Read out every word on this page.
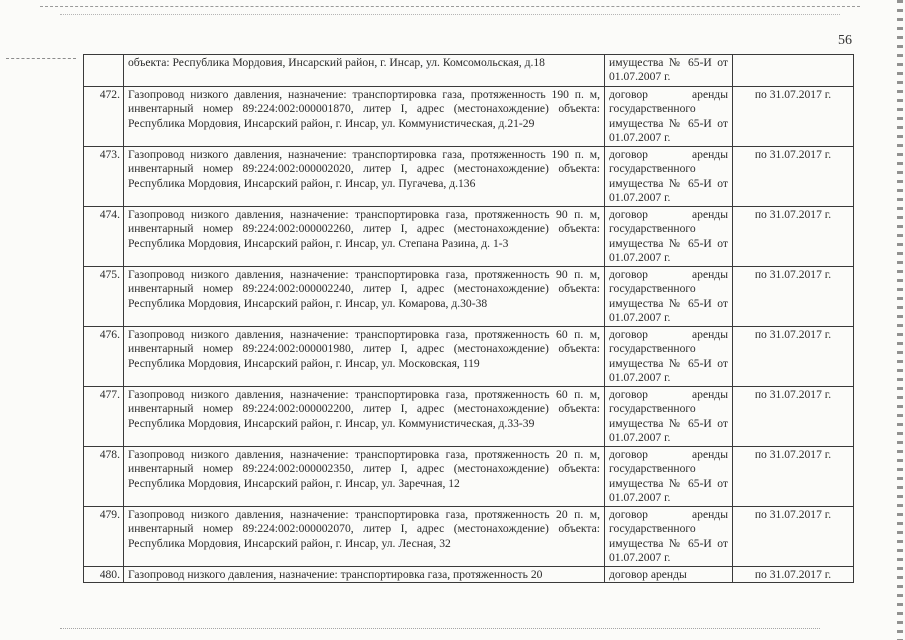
56
	объекта: Республика Мордовия, Инсарский район, г. Инсар, ул. Комсомольская, д.18	имущества № 65-И от 01.07.2007 г.	
472.	Газопровод низкого давления, назначение: транспортировка газа, протяженность 190 п. м, инвентарный номер 89:224:002:000001870, литер I, адрес (местонахождение) объекта: Республика Мордовия, Инсарский район, г. Инсар, ул. Коммунистическая, д.21-29	договор аренды государственного имущества № 65-И от 01.07.2007 г.	по 31.07.2017 г.
473.	Газопровод низкого давления, назначение: транспортировка газа, протяженность 190 п. м, инвентарный номер 89:224:002:000002020, литер I, адрес (местонахождение) объекта: Республика Мордовия, Инсарский район, г. Инсар, ул. Пугачева, д.136	договор аренды государственного имущества № 65-И от 01.07.2007 г.	по 31.07.2017 г.
474.	Газопровод низкого давления, назначение: транспортировка газа, протяженность 90 п. м, инвентарный номер 89:224:002:000002260, литер I, адрес (местонахождение) объекта: Республика Мордовия, Инсарский район, г. Инсар, ул. Степана Разина, д. 1-3	договор аренды государственного имущества № 65-И от 01.07.2007 г.	по 31.07.2017 г.
475.	Газопровод низкого давления, назначение: транспортировка газа, протяженность 90 п. м, инвентарный номер 89:224:002:000002240, литер I, адрес (местонахождение) объекта: Республика Мордовия, Инсарский район, г. Инсар, ул. Комарова, д.30-38	договор аренды государственного имущества № 65-И от 01.07.2007 г.	по 31.07.2017 г.
476.	Газопровод низкого давления, назначение: транспортировка газа, протяженность 60 п. м, инвентарный номер 89:224:002:000001980, литер I, адрес (местонахождение) объекта: Республика Мордовия, Инсарский район, г. Инсар, ул. Московская, 119	договор аренды государственного имущества № 65-И от 01.07.2007 г.	по 31.07.2017 г.
477.	Газопровод низкого давления, назначение: транспортировка газа, протяженность 60 п. м, инвентарный номер 89:224:002:000002200, литер I, адрес (местонахождение) объекта: Республика Мордовия, Инсарский район, г. Инсар, ул. Коммунистическая, д.33-39	договор аренды государственного имущества № 65-И от 01.07.2007 г.	по 31.07.2017 г.
478.	Газопровод низкого давления, назначение: транспортировка газа, протяженность 20 п. м, инвентарный номер 89:224:002:000002350, литер I, адрес (местонахождение) объекта: Республика Мордовия, Инсарский район, г. Инсар, ул. Заречная, 12	договор аренды государственного имущества № 65-И от 01.07.2007 г.	по 31.07.2017 г.
479.	Газопровод низкого давления, назначение: транспортировка газа, протяженность 20 п. м, инвентарный номер 89:224:002:000002070, литер I, адрес (местонахождение) объекта: Республика Мордовия, Инсарский район, г. Инсар, ул. Лесная, 32	договор аренды государственного имущества № 65-И от 01.07.2007 г.	по 31.07.2017 г.
480.	Газопровод низкого давления, назначение: транспортировка газа, протяженность 20	договор аренды	по 31.07.2017 г.
